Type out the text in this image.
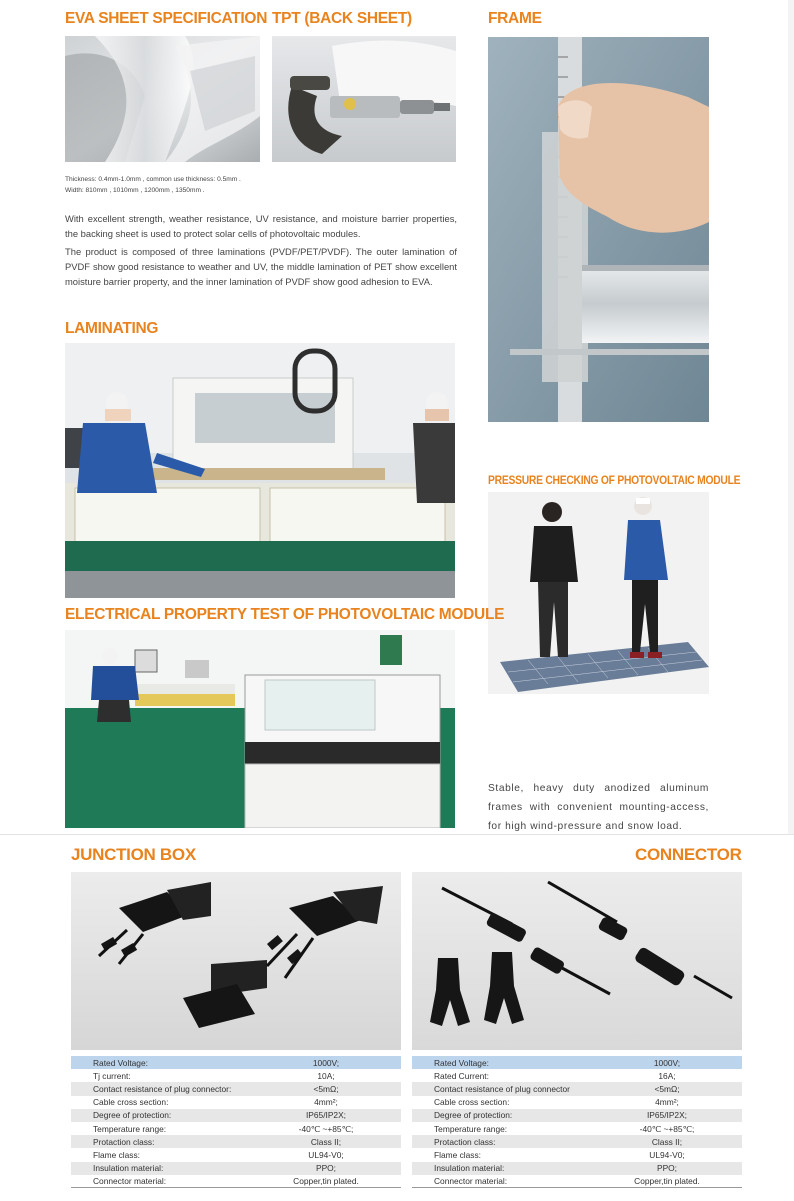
EVA SHEET SPECIFICATION TPT (BACK SHEET)	FRAME
Thickness: 0.4mm-1.0mm , common use thickness: 0.5mm .
Width: 810mm , 1010mm , 1200mm , 1350mm .
With excellent strength, weather resistance, UV resistance, and moisture barrier properties, the backing sheet is used to protect solar cells of photovoltaic modules.
The product is composed of three laminations (PVDF/PET/PVDF). The outer lamination of PVDF show good resistance to weather and UV, the middle lamination of PET show excellent moisture barrier property, and the inner lamination of PVDF show good adhesion to EVA.
LAMINATING
PRESSURE CHECKING OF PHOTOVOLTAIC MODULE
ELECTRICAL PROPERTY TEST OF PHOTOVOLTAIC MODULE
Stable, heavy duty anodized aluminum frames with convenient mounting-access, for high wind-pressure and snow load.
JUNCTION BOX	CONNECTOR
Rated Voltage:	1000V;
Tj current:	10A;
Contact resistance of plug connector:	<5mΩ;
Cable cross section:	4mm²;
Degree of protection:	IP65/IP2X;
Temperature range:	-40℃ ~+85℃;
Protaction class:	Class II;
Flame class:	UL94-V0;
Insulation material:	PPO;
Connector material:	Copper,tin plated.
Rated Voltage:	1000V;
Rated Current:	16A;
Contact resistance of plug connector	<5mΩ;
Cable cross section:	4mm²;
Degree of protection:	IP65/IP2X;
Temperature range:	-40℃ ~+85℃;
Protaction class:	Class II;
Flame class:	UL94-V0;
Insulation material:	PPO;
Connector material:	Copper,tin plated.
